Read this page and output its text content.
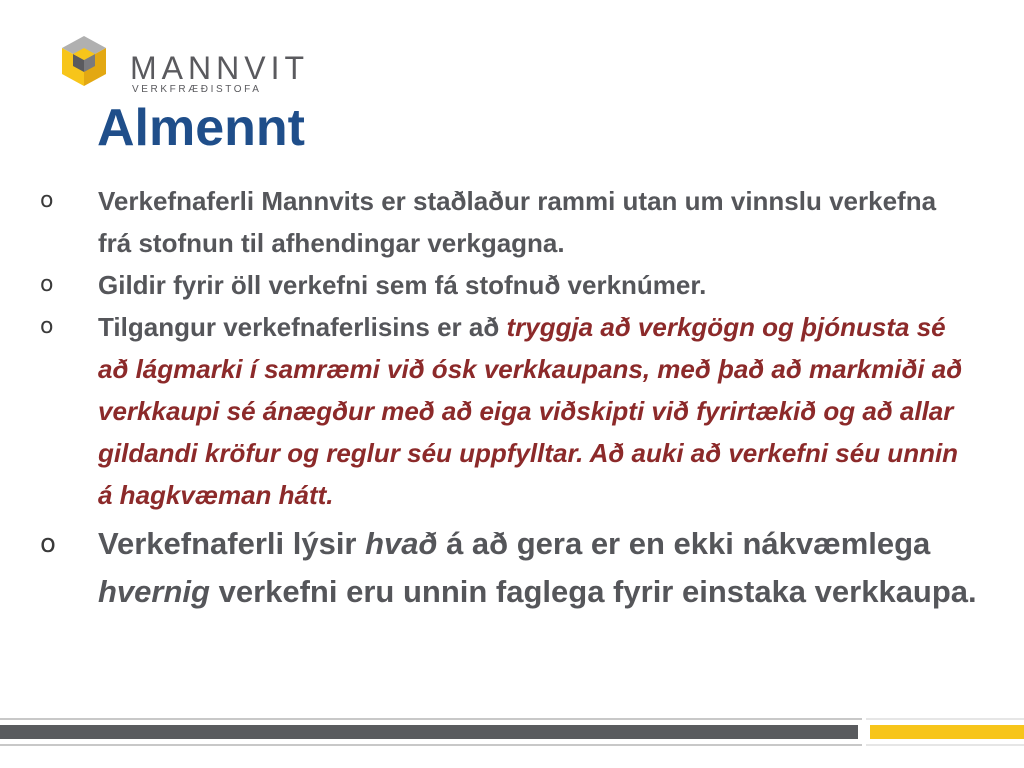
MANNVIT
VERKFRÆÐISTOFA
Almennt
o Verkefnaferli Mannvits er staðlaður rammi utan um vinnslu verkefna frá stofnun til afhendingar verkgagna.
o Gildir fyrir öll verkefni sem fá stofnuð verknúmer.
o Tilgangur verkefnaferlisins er að tryggja að verkgögn og þjónusta sé að lágmarki í samræmi við ósk verkkaupans, með það að markmiði að verkkaupi sé ánægður með að eiga viðskipti við fyrirtækið og að allar gildandi kröfur og reglur séu uppfylltar. Að auki að verkefni séu unnin á hagkvæman hátt.
o Verkefnaferli lýsir hvað á að gera er en ekki nákvæmlega hvernig verkefni eru unnin faglega fyrir einstaka verkkaupa.
